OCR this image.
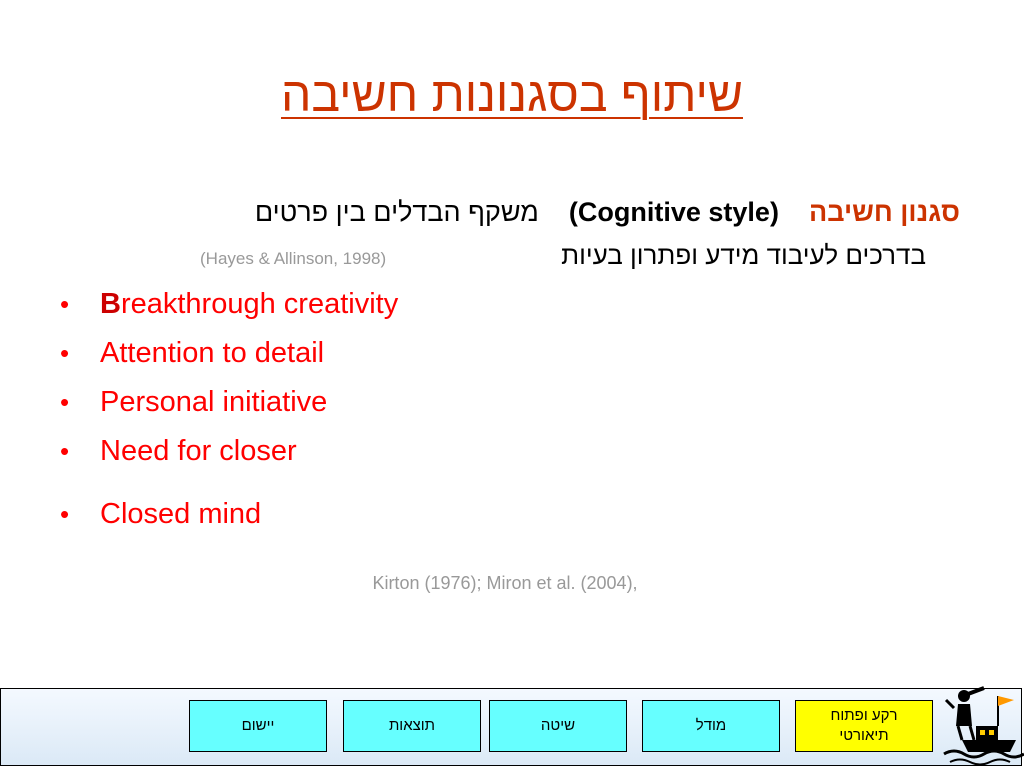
שיתוף בסגנונות חשיבה
סגנון חשיבה    (Cognitive style)    משקף הבדלים בין פרטים
בדרכים לעיבוד מידע ופתרון בעיות
(Hayes & Allinson, 1998)
• Breakthrough creativity
• Attention to detail
• Personal initiative
• Need for closer
• Closed mind
Kirton (1976); Miron et al. (2004),
יישום	תוצאות	שיטה	מודל
רקע ופתוח תיאורטי
